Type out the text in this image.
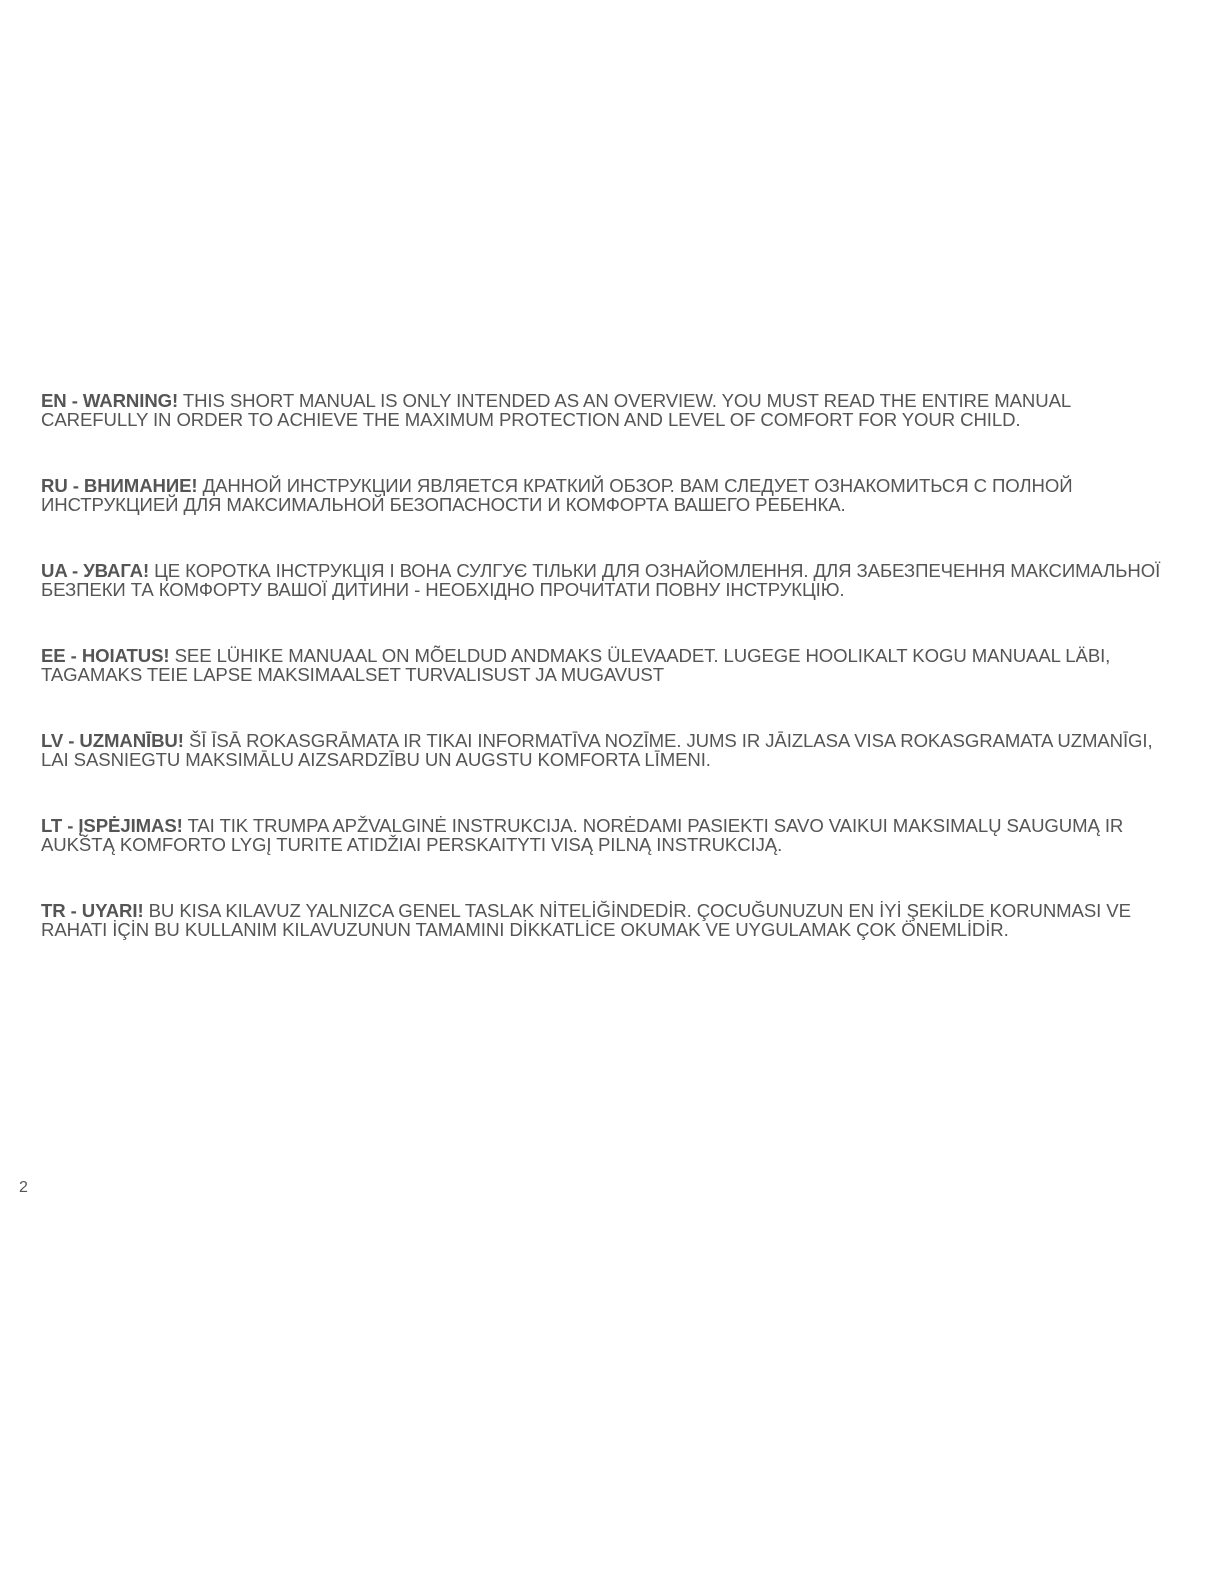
EN - WARNING! THIS SHORT MANUAL IS ONLY INTENDED AS AN OVERVIEW. YOU MUST READ THE ENTIRE MANUAL CAREFULLY IN ORDER TO ACHIEVE THE MAXIMUM PROTECTION AND LEVEL OF COMFORT FOR YOUR CHILD.

RU - ВНИМАНИЕ! ДАННОЙ ИНСТРУКЦИИ ЯВЛЯЕТСЯ КРАТКИЙ ОБЗОР. ВАМ СЛЕДУЕТ ОЗНАКОМИТЬСЯ С ПОЛНОЙ ИНСТРУКЦИЕЙ ДЛЯ МАКСИМАЛЬНОЙ БЕЗОПАСНОСТИ И КОМФОРТА ВАШЕГО РЕБЕНКА.

UA - УВАГА! ЦЕ КОРОТКА ІНСТРУКЦІЯ І ВОНА СУЛГУЄ ТІЛЬКИ ДЛЯ ОЗНАЙОМЛЕННЯ. ДЛЯ ЗАБЕЗПЕЧЕННЯ МАКСИМАЛЬНОЇ БЕЗПЕКИ ТА КОМФОРТУ ВАШОЇ ДИТИНИ - НЕОБХІДНО ПРОЧИТАТИ ПОВНУ ІНСТРУКЦІЮ.

EE - HOIATUS! SEE LÜHIKE MANUAAL ON MÕELDUD ANDMAKS ÜLEVAADET. LUGEGE HOOLIKALT KOGU MANUAAL LÄBI, TAGAMAKS TEIE LAPSE MAKSIMAALSET TURVALISUST JA MUGAVUST

LV - UZMANĪBU! ŠĪ ĪSĀ ROKASGRĀMATA IR TIKAI INFORMATĪVA NOZĪME. JUMS IR JĀIZLASA VISA ROKASGRAMATA UZMANĪGI, LAI SASNIEGTU MAKSIMĀLU AIZSARDZĪBU UN AUGSTU KOMFORTA LĪMENI.

LT - ĮSPĖJIMAS! TAI TIK TRUMPA APŽVALGINĖ INSTRUKCIJA. NORĖDAMI PASIEKTI SAVO VAIKUI MAKSIMALŲ SAUGUMĄ IR AUKŠTĄ KOMFORTO LYGĮ TURITE ATIDŽIAI PERSKAITYTI VISĄ PILNĄ INSTRUKCIJĄ.

TR - UYARI! BU KISA KILAVUZ YALNIZCA GENEL TASLAK NİTELİĞİNDEDİR. ÇOCUĞUNUZUN EN İYİ ŞEKİLDE KORUNMASI VE RAHATI İÇİN BU KULLANIM KILAVUZUNUN TAMAMINI DİKKATLİCE OKUMAK VE UYGULAMAK ÇOK ÖNEMLİDİR.

2
